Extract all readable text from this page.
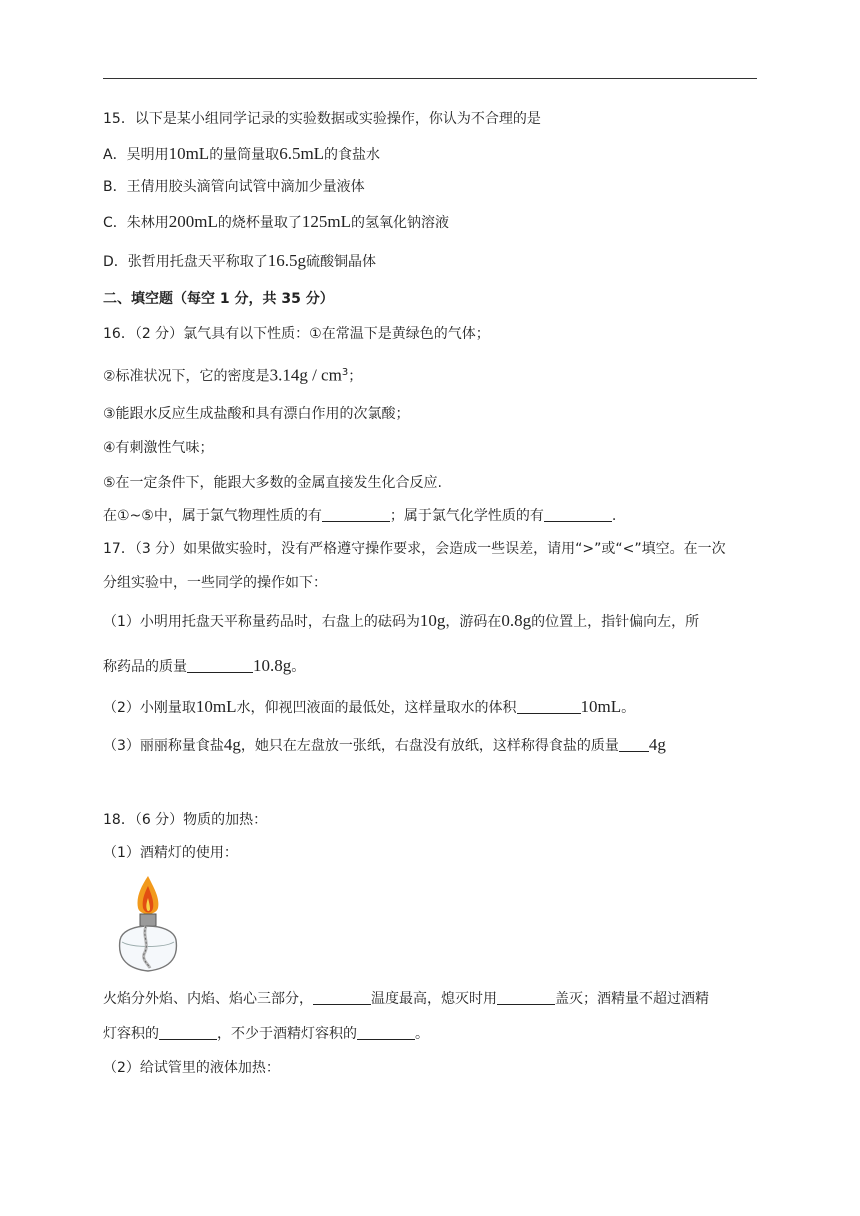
15．以下是某小组同学记录的实验数据或实验操作，你认为不合理的是
A．吴明用10mL的量筒量取6.5mL的食盐水
B．王倩用胶头滴管向试管中滴加少量液体
C．朱林用200mL的烧杯量取了125mL的氢氧化钠溶液
D．张哲用托盘天平称取了16.5g硫酸铜晶体
二、填空题（每空 1 分，共 35 分）
16．（2 分）氯气具有以下性质：①在常温下是黄绿色的气体；
②标准状况下，它的密度是$3.14g / cm^3$；
③能跟水反应生成盐酸和具有漂白作用的次氯酸；
④有刺激性气味；
⑤在一定条件下，能跟大多数的金属直接发生化合反应.
在①~⑤中，属于氯气物理性质的有	；属于氯气化学性质的有	.
17．（3 分）如果做实验时，没有严格遵守操作要求，会造成一些误差，请用“>”或“<”填空。在一次
分组实验中，一些同学的操作如下：
（1）小明用托盘天平称量药品时，右盘上的砝码为10g，游码在0.8g的位置上，指针偏向左，所
称药品的质量	10.8g。
（2）小刚量取10mL水，仰视凹液面的最低处，这样量取水的体积	10mL。
（3）丽丽称量食盐4g，她只在左盘放一张纸，右盘没有放纸，这样称得食盐的质量 4g
18．（6 分）物质的加热：
（1）酒精灯的使用：
火焰分外焰、内焰、焰心三部分，	温度最高，熄灭时用	盖灭；酒精量不超过酒精
灯容积的	，不少于酒精灯容积的	。
（2）给试管里的液体加热：
